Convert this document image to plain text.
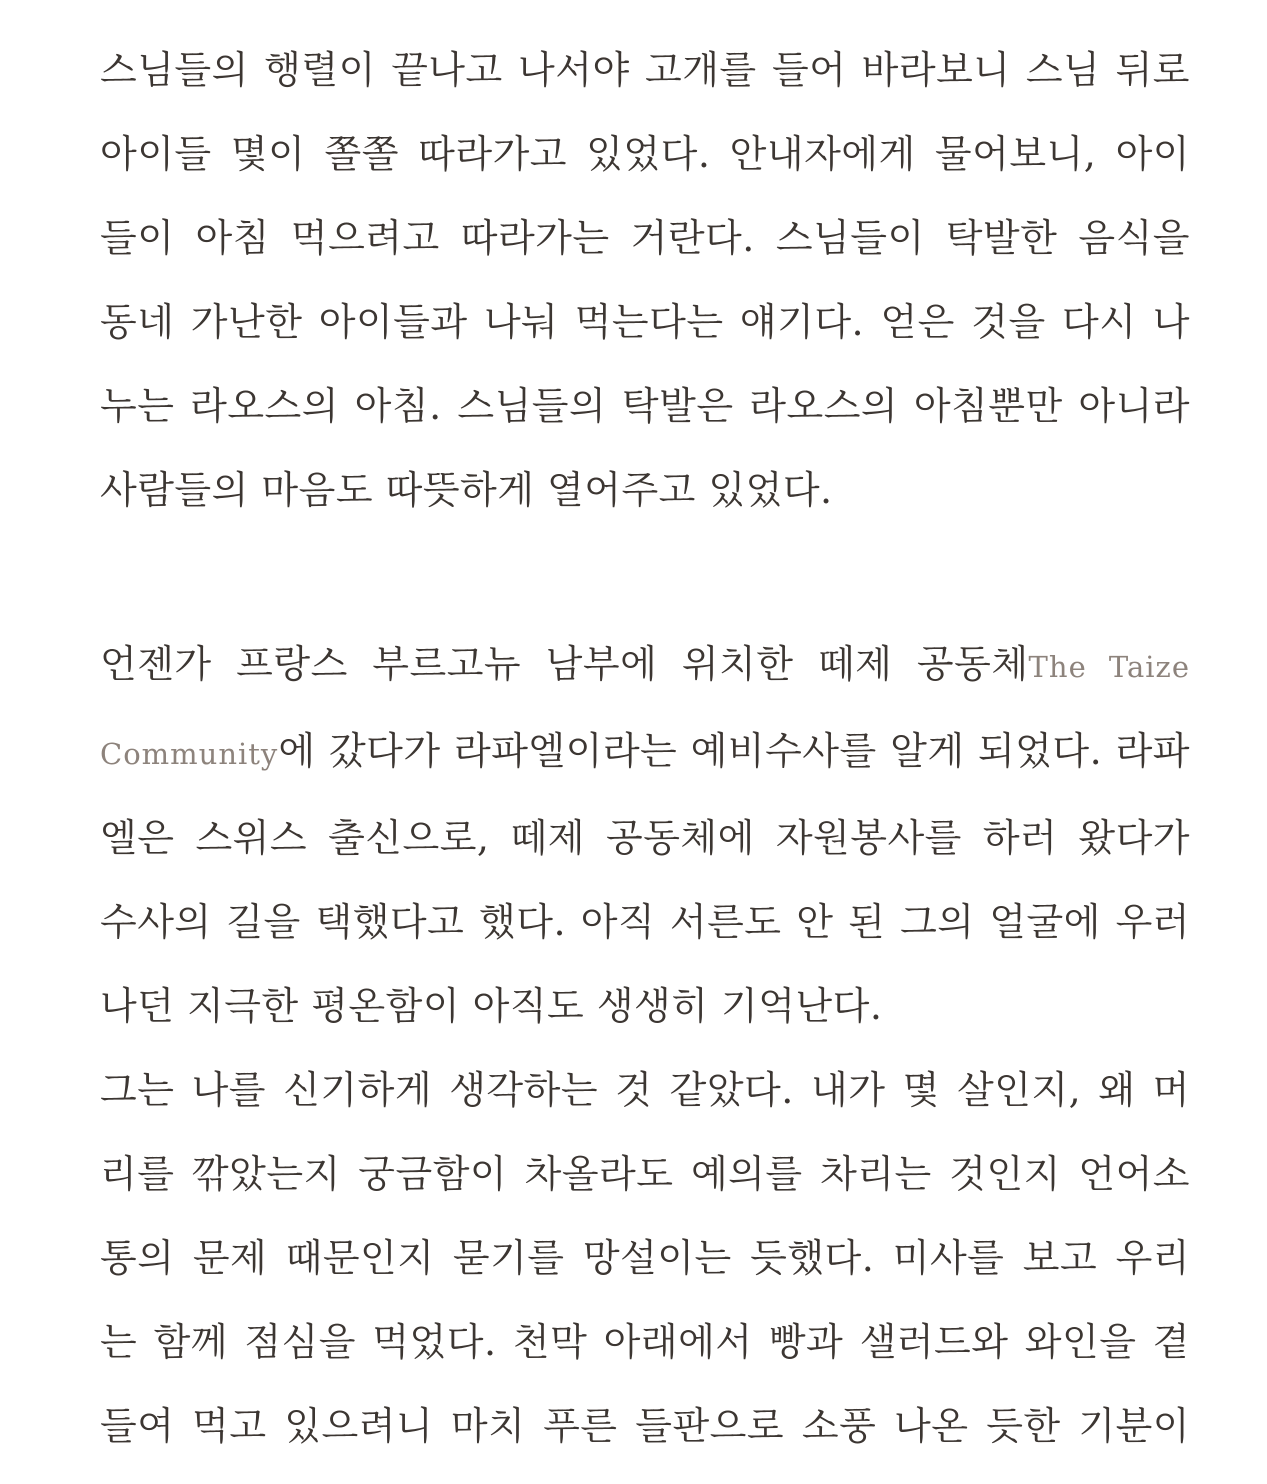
스님들의 행렬이 끝나고 나서야 고개를 들어 바라보니 스님 뒤로
아이들 몇이 쫄쫄 따라가고 있었다. 안내자에게 물어보니, 아이
들이 아침 먹으려고 따라가는 거란다. 스님들이 탁발한 음식을
동네 가난한 아이들과 나눠 먹는다는 얘기다. 얻은 것을 다시 나
누는 라오스의 아침. 스님들의 탁발은 라오스의 아침뿐만 아니라
사람들의 마음도 따뜻하게 열어주고 있었다.
언젠가 프랑스 부르고뉴 남부에 위치한 떼제 공동체The Taize
Community에 갔다가 라파엘이라는 예비수사를 알게 되었다. 라파
엘은 스위스 출신으로, 떼제 공동체에 자원봉사를 하러 왔다가
수사의 길을 택했다고 했다. 아직 서른도 안 된 그의 얼굴에 우러
나던 지극한 평온함이 아직도 생생히 기억난다.
그는 나를 신기하게 생각하는 것 같았다. 내가 몇 살인지, 왜 머
리를 깎았는지 궁금함이 차올라도 예의를 차리는 것인지 언어소
통의 문제 때문인지 묻기를 망설이는 듯했다. 미사를 보고 우리
는 함께 점심을 먹었다. 천막 아래에서 빵과 샐러드와 와인을 곁
들여 먹고 있으려니 마치 푸른 들판으로 소풍 나온 듯한 기분이
